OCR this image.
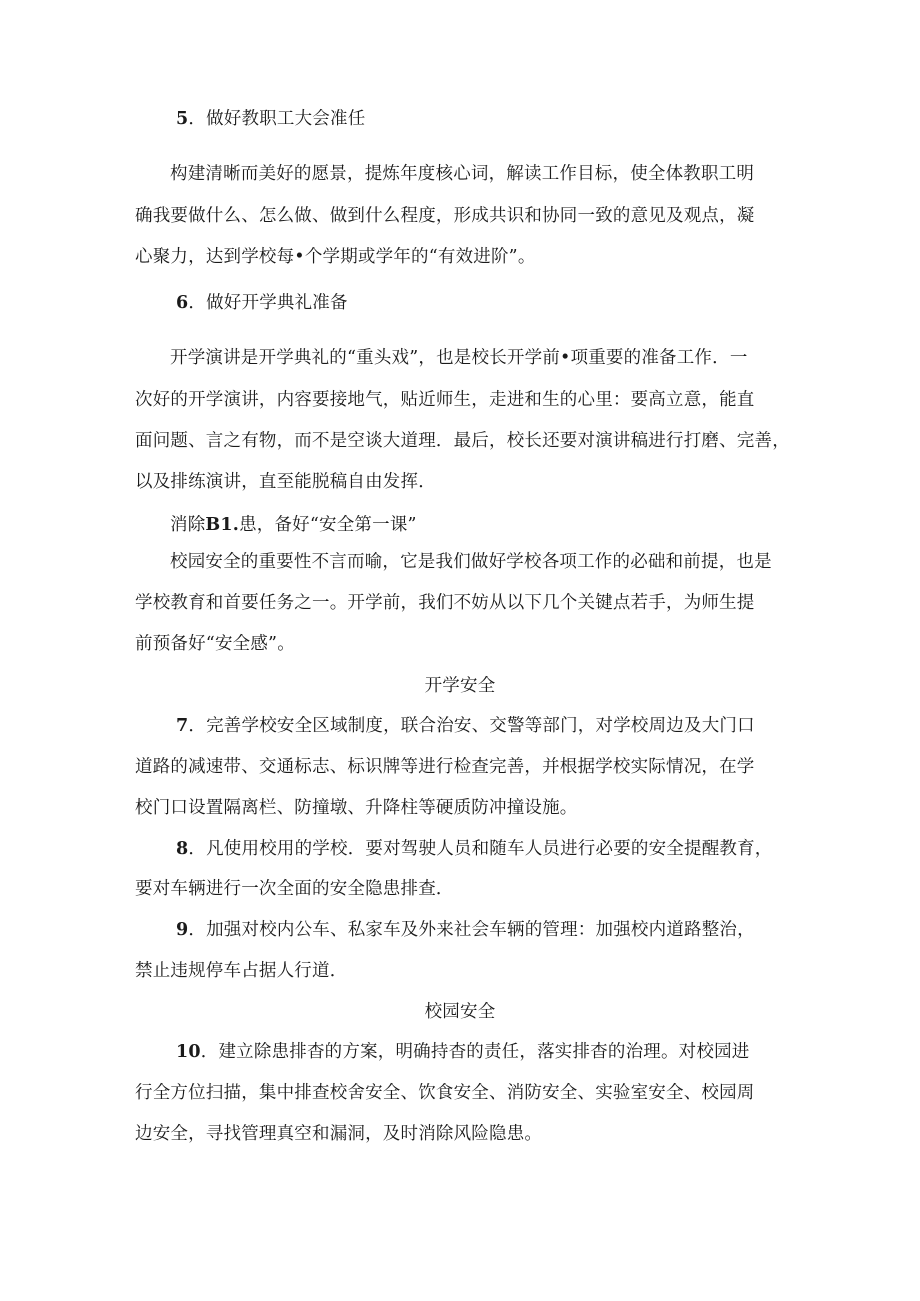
5．做好教职工大会准任
构建清晰而美好的愿景，提炼年度核心词，解读工作目标，使全体教职工明
确我要做什么、怎么做、做到什么程度，形成共识和协同一致的意见及观点，凝
心聚力，达到学校每•个学期或学年的“有效进阶”。
6．做好开学典礼准备
开学演讲是开学典礼的“重头戏”，也是校长开学前•项重要的准备工作．一
次好的开学演讲，内容要接地气，贴近师生，走进和生的心里：要高立意，能直
面问题、言之有物，而不是空谈大道理．最后，校长还要对演讲稿进行打磨、完善，
以及排练演讲，直至能脱稿自由发挥．
消除B1.患，备好“安全第一课”
校园安全的重要性不言而喻，它是我们做好学校各项工作的必础和前提，也是
学校教育和首要任务之一。开学前，我们不妨从以下几个关键点若手，为师生提
前预备好“安全感”。
开学安全
7．完善学校安全区域制度，联合治安、交警等部门，对学校周边及大门口
道路的减速带、交通标志、标识牌等进行检查完善，并根据学校实际情况，在学
校门口设置隔离栏、防撞墩、升降柱等硬质防冲撞设施。
8．凡使用校用的学校．要对驾驶人员和随车人员进行必要的安全提醒教育，
要对车辆进行一次全面的安全隐患排查．
9．加强对校内公车、私家车及外来社会车辆的管理：加强校内道路整治，
禁止违规停车占据人行道．
校园安全
10．建立除患排杳的方案，明确持杳的责任，落实排杳的治理。对校园进
行全方位扫描，集中排查校舍安全、饮食安全、消防安全、实验室安全、校园周
边安全，寻找管理真空和漏洞，及时消除风险隐患。
